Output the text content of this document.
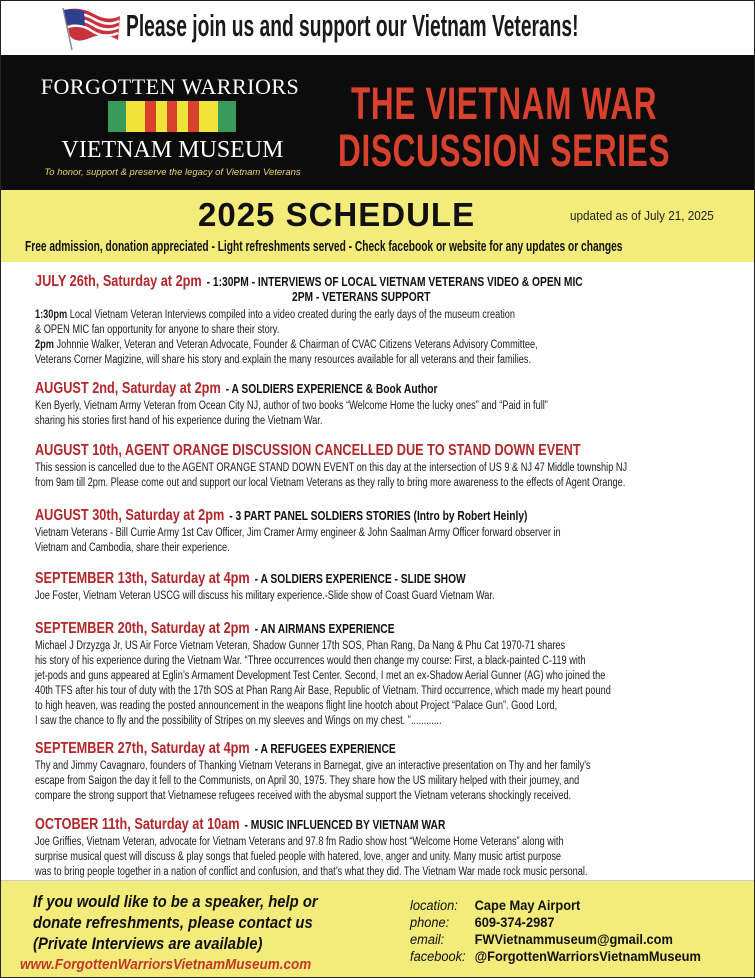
Please join us and support our Vietnam Veterans!
FORGOTTEN WARRIORS
VIETNAM MUSEUM
To honor, support & preserve the legacy of Vietnam Veterans
THE VIETNAM WAR
DISCUSSION SERIES
2025 SCHEDULE	updated as of July 21, 2025
Free admission, donation appreciated - Light refreshments served - Check facebook or website for any updates or changes
JULY 26th, Saturday at 2pm - 1:30PM - INTERVIEWS OF LOCAL VIETNAM VETERANS VIDEO & OPEN MIC
2PM - VETERANS SUPPORT
1:30pm Local Vietnam Veteran Interviews compiled into a video created during the early days of the museum creation
& OPEN MIC fan opportunity for anyone to share their story.
2pm Johnnie Walker, Veteran and Veteran Advocate, Founder & Chairman of CVAC Citizens Veterans Advisory Committee,
Veterans Corner Magizine, will share his story and explain the many resources available for all veterans and their families.
AUGUST 2nd, Saturday at 2pm - A SOLDIERS EXPERIENCE & Book Author
Ken Byerly, Vietnam Army Veteran from Ocean City NJ, author of two books “Welcome Home the lucky ones” and “Paid in full”
sharing his stories first hand of his experience during the Vietnam War.
AUGUST 10th, AGENT ORANGE DISCUSSION CANCELLED DUE TO STAND DOWN EVENT
This session is cancelled due to the AGENT ORANGE STAND DOWN EVENT on this day at the intersection of US 9 & NJ 47 Middle township NJ
from 9am till 2pm. Please come out and support our local Vietnam Veterans as they rally to bring more awareness to the effects of Agent Orange.
AUGUST 30th, Saturday at 2pm - 3 PART PANEL SOLDIERS STORIES (Intro by Robert Heinly)
Vietnam Veterans - Bill Currie Army 1st Cav Officer, Jim Cramer Army engineer & John Saalman Army Officer forward observer in
Vietnam and Cambodia, share their experience.
SEPTEMBER 13th, Saturday at 4pm - A SOLDIERS EXPERIENCE - SLIDE SHOW
Joe Foster, Vietnam Veteran USCG will discuss his military experience.-Slide show of Coast Guard Vietnam War.
SEPTEMBER 20th, Saturday at 2pm - AN AIRMANS EXPERIENCE
Michael J Drzyzga Jr, US Air Force Vietnam Veteran, Shadow Gunner 17th SOS, Phan Rang, Da Nang & Phu Cat 1970-71 shares
his story of his experience during the Vietnam War. “Three occurrences would then change my course: First, a black-painted C-119 with
jet-pods and guns appeared at Eglin’s Armament Development Test Center. Second, I met an ex-Shadow Aerial Gunner (AG) who joined the
40th TFS after his tour of duty with the 17th SOS at Phan Rang Air Base, Republic of Vietnam. Third occurrence, which made my heart pound
to high heaven, was reading the posted announcement in the weapons flight line hootch about Project “Palace Gun”. Good Lord,
I saw the chance to fly and the possibility of Stripes on my sleeves and Wings on my chest. ”............
SEPTEMBER 27th, Saturday at 4pm - A REFUGEES EXPERIENCE
Thy and Jimmy Cavagnaro, founders of Thanking Vietnam Veterans in Barnegat, give an interactive presentation on Thy and her family's
escape from Saigon the day it fell to the Communists, on April 30, 1975. They share how the US military helped with their journey, and
compare the strong support that Vietnamese refugees received with the abysmal support the Vietnam veterans shockingly received.
OCTOBER 11th, Saturday at 10am - MUSIC INFLUENCED BY VIETNAM WAR
Joe Griffies, Vietnam Veteran, advocate for Vietnam Veterans and 97.8 fm Radio show host “Welcome Home Veterans” along with
surprise musical quest will discuss & play songs that fueled people with hatered, love, anger and unity. Many music artist purpose
was to bring people together in a nation of conflict and confusion, and that’s what they did. The Vietnam War made rock music personal.
If you would like to be a speaker, help or
donate refreshments, please contact us
(Private Interviews are available)
www.ForgottenWarriorsVietnamMuseum.com
location:	Cape May Airport
phone:	609-374-2987
email:	FWVietnammuseum@gmail.com
facebook: @ForgottenWarriorsVietnamMuseum
